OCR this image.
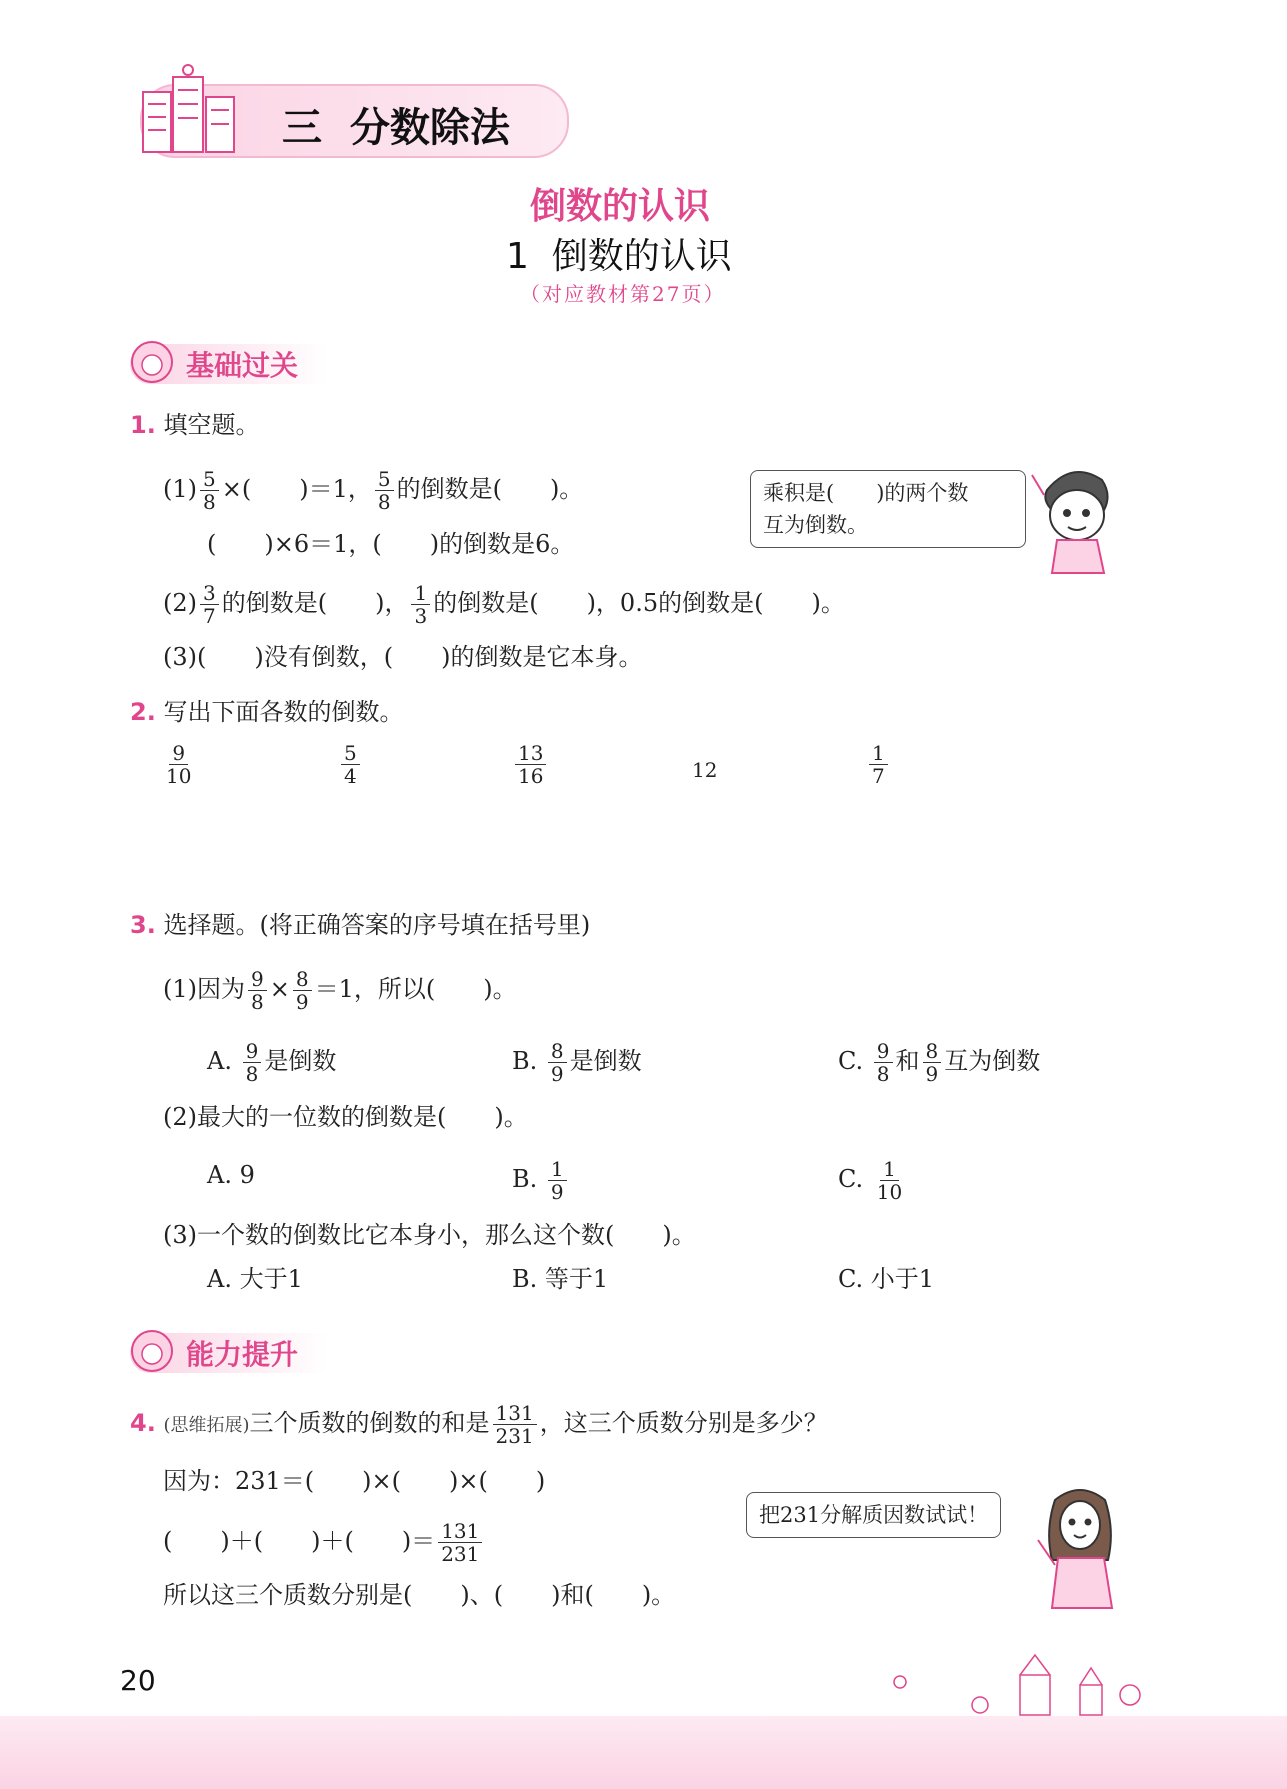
三  分数除法
倒数的认识
1  倒数的认识
（对应教材第27页）
基础过关
1. 填空题。
$(1) \frac{5}{8}$ ×(　　)＝1， $\frac{5}{8}$ 的倒数是(　　)。
(　　)×6＝1，(　　)的倒数是6。
$(2) \frac{3}{7}$ 的倒数是(　　)， $\frac{1}{3}$ 的倒数是(　　)，0.5的倒数是(　　)。
(3)(　　)没有倒数，(　　)的倒数是它本身。
乘积是(　　)的两个数
互为倒数。
2. 写出下面各数的倒数。
$\frac{9}{10}$	$\frac{5}{4}$	$\frac{13}{16}$	12	$\frac{1}{7}$
3. 选择题。(将正确答案的序号填在括号里)
(1)因为 $\frac{9}{8} \times \frac{8}{9} =1$，所以(　　)。
A. $\frac{9}{8}$ 是倒数	B. $\frac{8}{9}$ 是倒数	C. $\frac{9}{8}$ 和 $\frac{8}{9}$ 互为倒数
(2)最大的一位数的倒数是(　　)。
A. 9	B. $\frac{1}{9}$	C. $\frac{1}{10}$
(3)一个数的倒数比它本身小，那么这个数(　　)。
A. 大于1	B. 等于1	C. 小于1
能力提升
4. (思维拓展)三个质数的倒数的和是 $\frac{131}{231}$ ，这三个质数分别是多少？
因为：231＝(　　)×(　　)×(　　)
(　　)＋(　　)＋(　　)＝ $\frac{131}{231}$
所以这三个质数分别是(　　)、(　　)和(　　)。
把231分解质因数试试！
20
